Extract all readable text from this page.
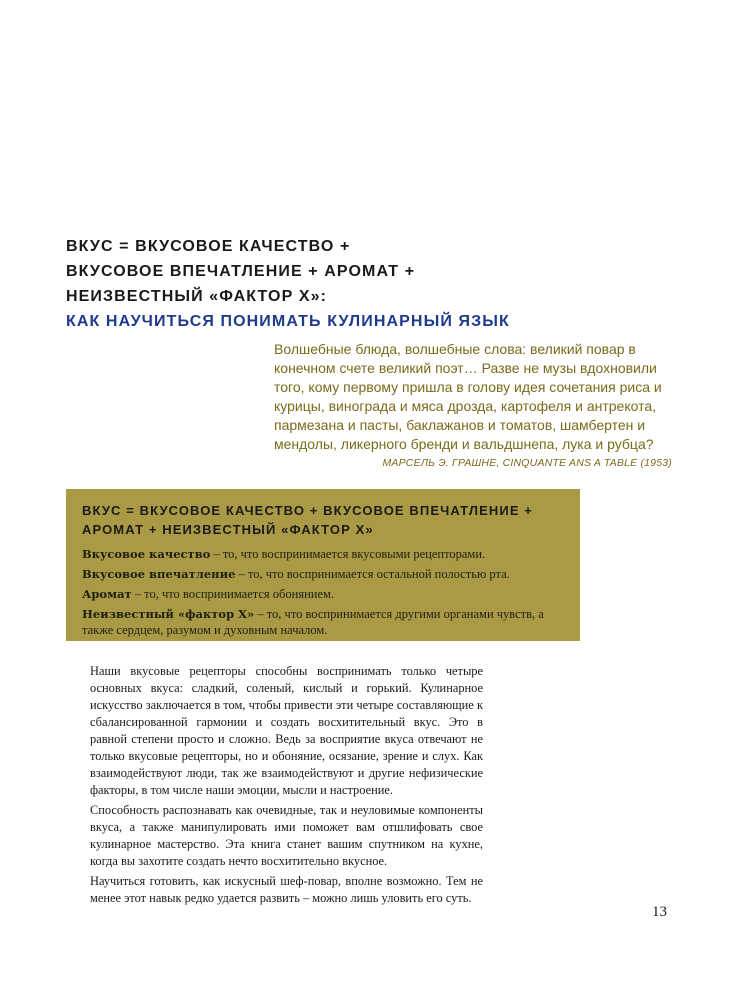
ВКУС = ВКУСОВОЕ КАЧЕСТВО +
ВКУСОВОЕ ВПЕЧАТЛЕНИЕ + АРОМАТ +
НЕИЗВЕСТНЫЙ «ФАКТОР Х»:
КАК НАУЧИТЬСЯ ПОНИМАТЬ КУЛИНАРНЫЙ ЯЗЫК

Волшебные блюда, волшебные слова: великий повар в конечном счете великий поэт… Разве не музы вдохновили того, кому первому пришла в голову идея сочетания риса и курицы, винограда и мяса дрозда, картофеля и антрекота, пармезана и пасты, баклажанов и томатов, шамбертен и мендолы, ликерного бренди и вальдшнепа, лука и рубца?

МАРСЕЛЬ Э. ГРАШНЕ, CINQUANTE ANS A TABLE (1953)

ВКУС = ВКУСОВОЕ КАЧЕСТВО + ВКУСОВОЕ ВПЕЧАТЛЕНИЕ + АРОМАТ + НЕИЗВЕСТНЫЙ «ФАКТОР Х»

Вкусовое качество – то, что воспринимается вкусовыми рецепторами.

Вкусовое впечатление – то, что воспринимается остальной полостью рта.

Аромат – то, что воспринимается обонянием.

Неизвестный «фактор Х» – то, что воспринимается другими органами чувств, а также сердцем, разумом и духовным началом.

Наши вкусовые рецепторы способны воспринимать только четыре основных вкуса: сладкий, соленый, кислый и горький. Кулинарное искусство заключается в том, чтобы привести эти четыре составляющие к сбалансированной гармонии и создать восхитительный вкус. Это в равной степени просто и сложно. Ведь за восприятие вкуса отвечают не только вкусовые рецепторы, но и обоняние, осязание, зрение и слух. Как взаимодействуют люди, так же взаимодействуют и другие нефизические факторы, в том числе наши эмоции, мысли и настроение.

Способность распознавать как очевидные, так и неуловимые компоненты вкуса, а также манипулировать ими поможет вам отшлифовать свое кулинарное мастерство. Эта книга станет вашим спутником на кухне, когда вы захотите создать нечто восхитительно вкусное.

Научиться готовить, как искусный шеф-повар, вполне возможно. Тем не менее этот навык редко удается развить – можно лишь уловить его суть.

13
